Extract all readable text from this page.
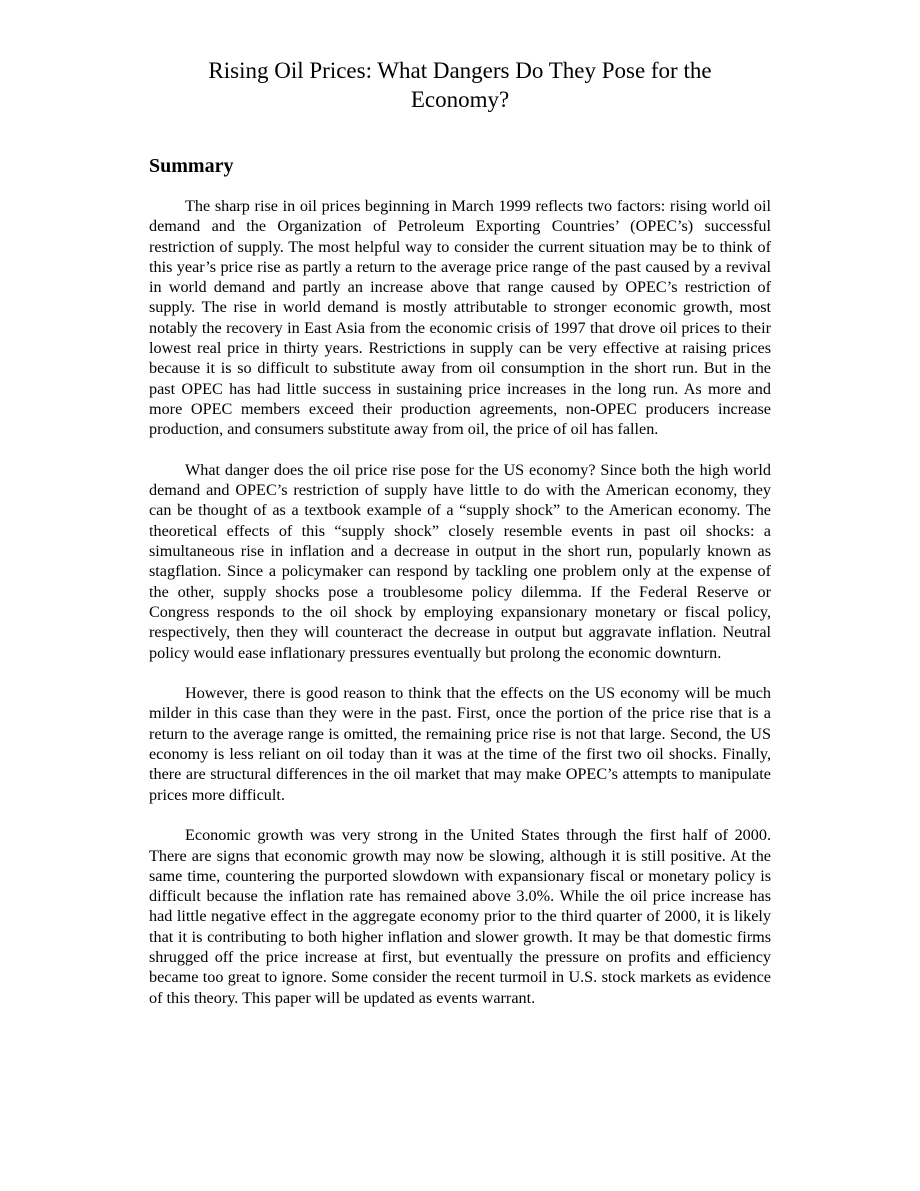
Rising Oil Prices: What Dangers Do They Pose for the Economy?
Summary

The sharp rise in oil prices beginning in March 1999 reflects two factors: rising world oil demand and the Organization of Petroleum Exporting Countries’ (OPEC’s) successful restriction of supply. The most helpful way to consider the current situation may be to think of this year’s price rise as partly a return to the average price range of the past caused by a revival in world demand and partly an increase above that range caused by OPEC’s restriction of supply. The rise in world demand is mostly attributable to stronger economic growth, most notably the recovery in East Asia from the economic crisis of 1997 that drove oil prices to their lowest real price in thirty years. Restrictions in supply can be very effective at raising prices because it is so difficult to substitute away from oil consumption in the short run. But in the past OPEC has had little success in sustaining price increases in the long run. As more and more OPEC members exceed their production agreements, non-OPEC producers increase production, and consumers substitute away from oil, the price of oil has fallen.

What danger does the oil price rise pose for the US economy? Since both the high world demand and OPEC’s restriction of supply have little to do with the American economy, they can be thought of as a textbook example of a “supply shock” to the American economy. The theoretical effects of this “supply shock” closely resemble events in past oil shocks: a simultaneous rise in inflation and a decrease in output in the short run, popularly known as stagflation. Since a policymaker can respond by tackling one problem only at the expense of the other, supply shocks pose a troublesome policy dilemma. If the Federal Reserve or Congress responds to the oil shock by employing expansionary monetary or fiscal policy, respectively, then they will counteract the decrease in output but aggravate inflation. Neutral policy would ease inflationary pressures eventually but prolong the economic downturn.

However, there is good reason to think that the effects on the US economy will be much milder in this case than they were in the past. First, once the portion of the price rise that is a return to the average range is omitted, the remaining price rise is not that large. Second, the US economy is less reliant on oil today than it was at the time of the first two oil shocks. Finally, there are structural differences in the oil market that may make OPEC’s attempts to manipulate prices more difficult.

Economic growth was very strong in the United States through the first half of 2000. There are signs that economic growth may now be slowing, although it is still positive. At the same time, countering the purported slowdown with expansionary fiscal or monetary policy is difficult because the inflation rate has remained above 3.0%. While the oil price increase has had little negative effect in the aggregate economy prior to the third quarter of 2000, it is likely that it is contributing to both higher inflation and slower growth. It may be that domestic firms shrugged off the price increase at first, but eventually the pressure on profits and efficiency became too great to ignore. Some consider the recent turmoil in U.S. stock markets as evidence of this theory. This paper will be updated as events warrant.
